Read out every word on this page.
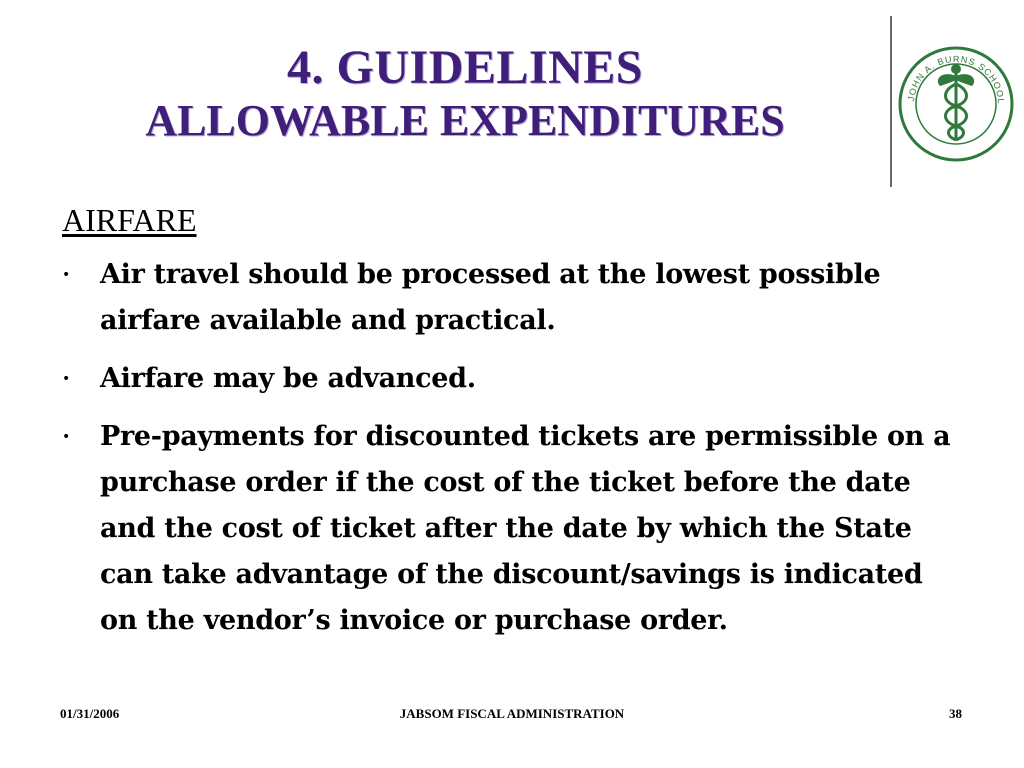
4. GUIDELINES
ALLOWABLE EXPENDITURES	JOHN A. BURNS SCHOOL
AIRFARE
•	Air travel should be processed at the lowest possible airfare available and practical.
•	Airfare may be advanced.
•	Pre-payments for discounted tickets are permissible on a purchase order if the cost of the ticket before the date and the cost of ticket after the date by which the State can take advantage of the discount/savings is indicated on the vendor’s invoice or purchase order.
01/31/2006	JABSOM FISCAL ADMINISTRATION	38
